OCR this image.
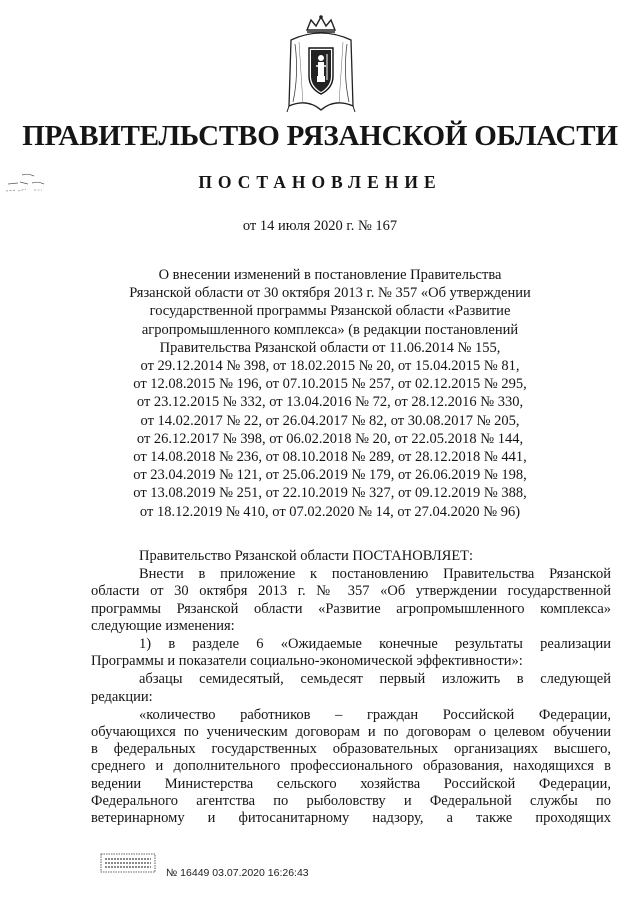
ПРАВИТЕЛЬСТВО РЯЗАНСКОЙ ОБЛАСТИ
ПОСТАНОВЛЕНИЕ
от 14 июля 2020 г. № 167
О внесении изменений в постановление Правительства
Рязанской области от 30 октября 2013 г. № 357 «Об утверждении
государственной программы Рязанской области «Развитие
агропромышленного комплекса» (в редакции постановлений
Правительства Рязанской области от 11.06.2014 № 155,
от 29.12.2014 № 398, от 18.02.2015 № 20, от 15.04.2015 № 81,
от 12.08.2015 № 196, от 07.10.2015 № 257, от 02.12.2015 № 295,
от 23.12.2015 № 332, от 13.04.2016 № 72, от 28.12.2016 № 330,
от 14.02.2017 № 22, от 26.04.2017 № 82, от 30.08.2017 № 205,
от 26.12.2017 № 398, от 06.02.2018 № 20, от 22.05.2018 № 144,
от 14.08.2018 № 236, от 08.10.2018 № 289, от 28.12.2018 № 441,
от 23.04.2019 № 121, от 25.06.2019 № 179, от 26.06.2019 № 198,
от 13.08.2019 № 251, от 22.10.2019 № 327, от 09.12.2019 № 388,
от 18.12.2019 № 410, от 07.02.2020 № 14, от 27.04.2020 № 96)
Правительство Рязанской области ПОСТАНОВЛЯЕТ:
Внести в приложение к постановлению Правительства Рязанской
области от 30 октября 2013 г. № 357 «Об утверждении государственной
программы Рязанской области «Развитие агропромышленного комплекса»
следующие изменения:
1) в разделе 6 «Ожидаемые конечные результаты реализации
Программы и показатели социально-экономической эффективности»:
абзацы семидесятый, семьдесят первый изложить в следующей
редакции:
«количество работников – граждан Российской Федерации,
обучающихся по ученическим договорам и по договорам о целевом обучении
в федеральных государственных образовательных организациях высшего,
среднего и дополнительного профессионального образования, находящихся в
ведении Министерства сельского хозяйства Российской Федерации,
Федерального агентства по рыболовству и Федеральной службы по
ветеринарному и фитосанитарному надзору, а также проходящих
№ 16449 03.07.2020 16:26:43
